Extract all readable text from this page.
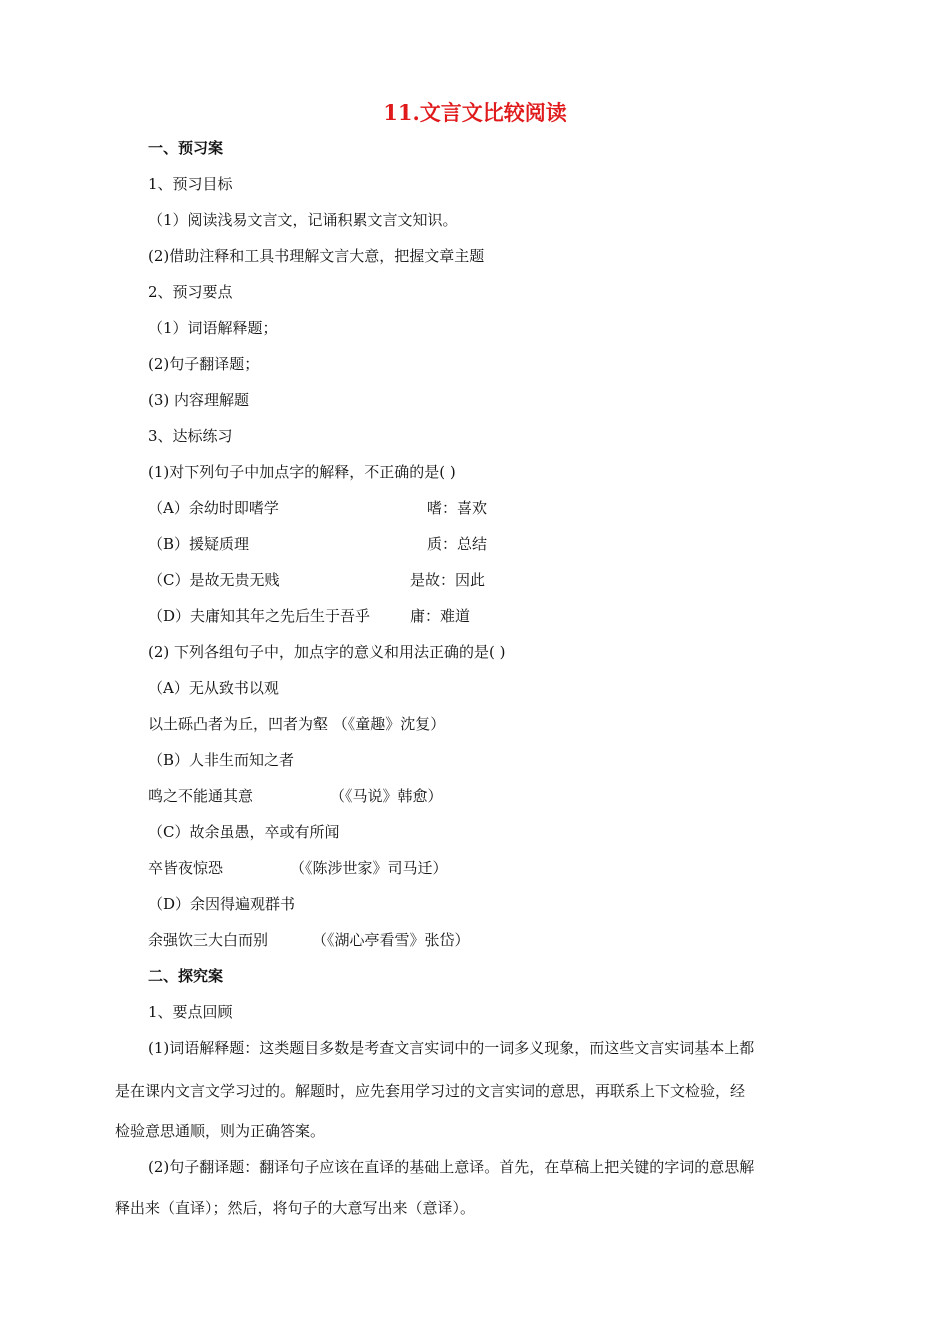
11.文言文比较阅读
一、预习案
1、预习目标
（1）阅读浅易文言文，记诵积累文言文知识。
(2)借助注释和工具书理解文言大意，把握文章主题
2、预习要点
（1）词语解释题；
(2)句子翻译题；
(3) 内容理解题
3、达标练习
(1)对下列句子中加点字的解释，不正确的是( )
（A）余幼时即嗜学	嗜：喜欢
（B）援疑质理	质：总结
（C）是故无贵无贱	是故：因此
（D）夫庸知其年之先后生于吾乎	庸：难道
(2) 下列各组句子中，加点字的意义和用法正确的是( )
（A）无从致书以观
以土砾凸者为丘，凹者为壑 （《童趣》沈复）
（B）人非生而知之者
鸣之不能通其意	（《马说》韩愈）
（C）故余虽愚，卒或有所闻
卒皆夜惊恐	（《陈涉世家》司马迁）
（D）余因得遍观群书
余强饮三大白而别	（《湖心亭看雪》张岱）
二、探究案
1、要点回顾
(1)词语解释题：这类题目多数是考查文言实词中的一词多义现象，而这些文言实词基本上都
是在课内文言文学习过的。解题时，应先套用学习过的文言实词的意思，再联系上下文检验，经
检验意思通顺，则为正确答案。
(2)句子翻译题：翻译句子应该在直译的基础上意译。首先，在草稿上把关键的字词的意思解
释出来（直译）；然后，将句子的大意写出来（意译）。
